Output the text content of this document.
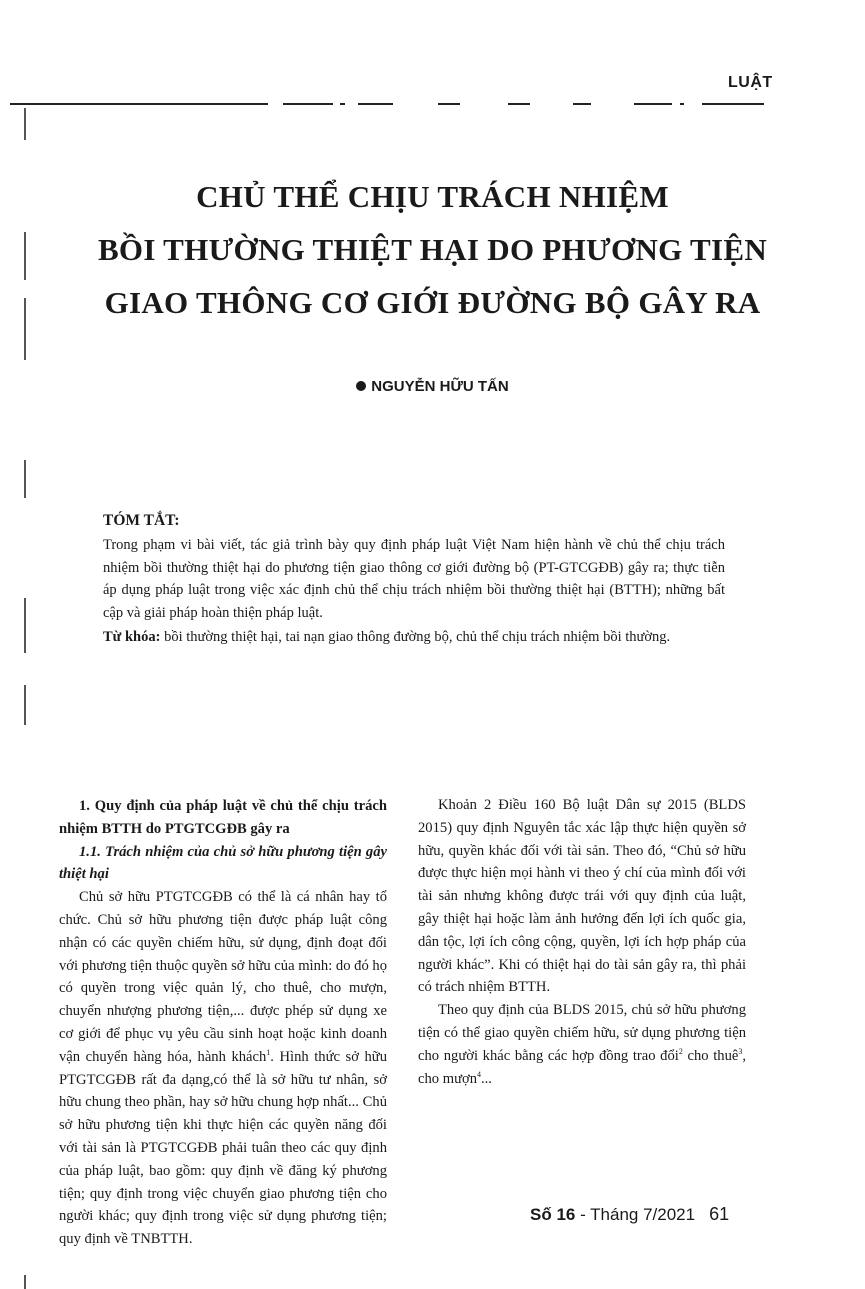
LUẬT
CHỦ THỂ CHỊU TRÁCH NHIỆM
BỒI THƯỜNG THIỆT HẠI DO PHƯƠNG TIỆN
GIAO THÔNG CƠ GIỚI ĐƯỜNG BỘ GÂY RA
NGUYỄN HỮU TẤN
TÓM TẮT:

Trong phạm vi bài viết, tác giả trình bày quy định pháp luật Việt Nam hiện hành về chủ thể chịu trách nhiệm bồi thường thiệt hại do phương tiện giao thông cơ giới đường bộ (PT-GTCGĐB) gây ra; thực tiễn áp dụng pháp luật trong việc xác định chủ thể chịu trách nhiệm bồi thường thiệt hại (BTTH); những bất cập và giải pháp hoàn thiện pháp luật.

Từ khóa: bồi thường thiệt hại, tai nạn giao thông đường bộ, chủ thể chịu trách nhiệm bồi thường.

1. Quy định của pháp luật về chủ thể chịu trách nhiệm BTTH do PTGTCGĐB gây ra

1.1. Trách nhiệm của chủ sở hữu phương tiện gây thiệt hại

Chủ sở hữu PTGTCGĐB có thể là cá nhân hay tổ chức. Chủ sở hữu phương tiện được pháp luật công nhận có các quyền chiếm hữu, sử dụng, định đoạt đối với phương tiện thuộc quyền sở hữu của mình: do đó họ có quyền trong việc quản lý, cho thuê, cho mượn, chuyển nhượng phương tiện,... được phép sử dụng xe cơ giới để phục vụ yêu cầu sinh hoạt hoặc kinh doanh vận chuyển hàng hóa, hành khách$^1$. Hình thức sở hữu PTGTCGĐB rất đa dạng,có thể là sở hữu tư nhân, sở hữu chung theo phần, hay sở hữu chung hợp nhất... Chủ sở hữu phương tiện khi thực hiện các quyền năng đối với tài sản là PTGTCGĐB phải tuân theo các quy định của pháp luật, bao gồm: quy định về đăng ký phương tiện; quy định trong việc chuyển giao phương tiện cho người khác; quy định trong việc sử dụng phương tiện; quy định về TNBTTH.

Khoản 2 Điều 160 Bộ luật Dân sự 2015 (BLDS 2015) quy định Nguyên tắc xác lập thực hiện quyền sở hữu, quyền khác đối với tài sản. Theo đó, “Chủ sở hữu được thực hiện mọi hành vi theo ý chí của mình đối với tài sản nhưng không được trái với quy định của luật, gây thiệt hại hoặc làm ảnh hưởng đến lợi ích quốc gia, dân tộc, lợi ích công cộng, quyền, lợi ích hợp pháp của người khác”. Khi có thiệt hại do tài sản gây ra, thì phải có trách nhiệm BTTH.

Theo quy định của BLDS 2015, chủ sở hữu phương tiện có thể giao quyền chiếm hữu, sử dụng phương tiện cho người khác bằng các hợp đồng trao đổi$^2$ cho thuê$^3$, cho mượn$^4$...

Số 16 - Tháng 7/2021 61
